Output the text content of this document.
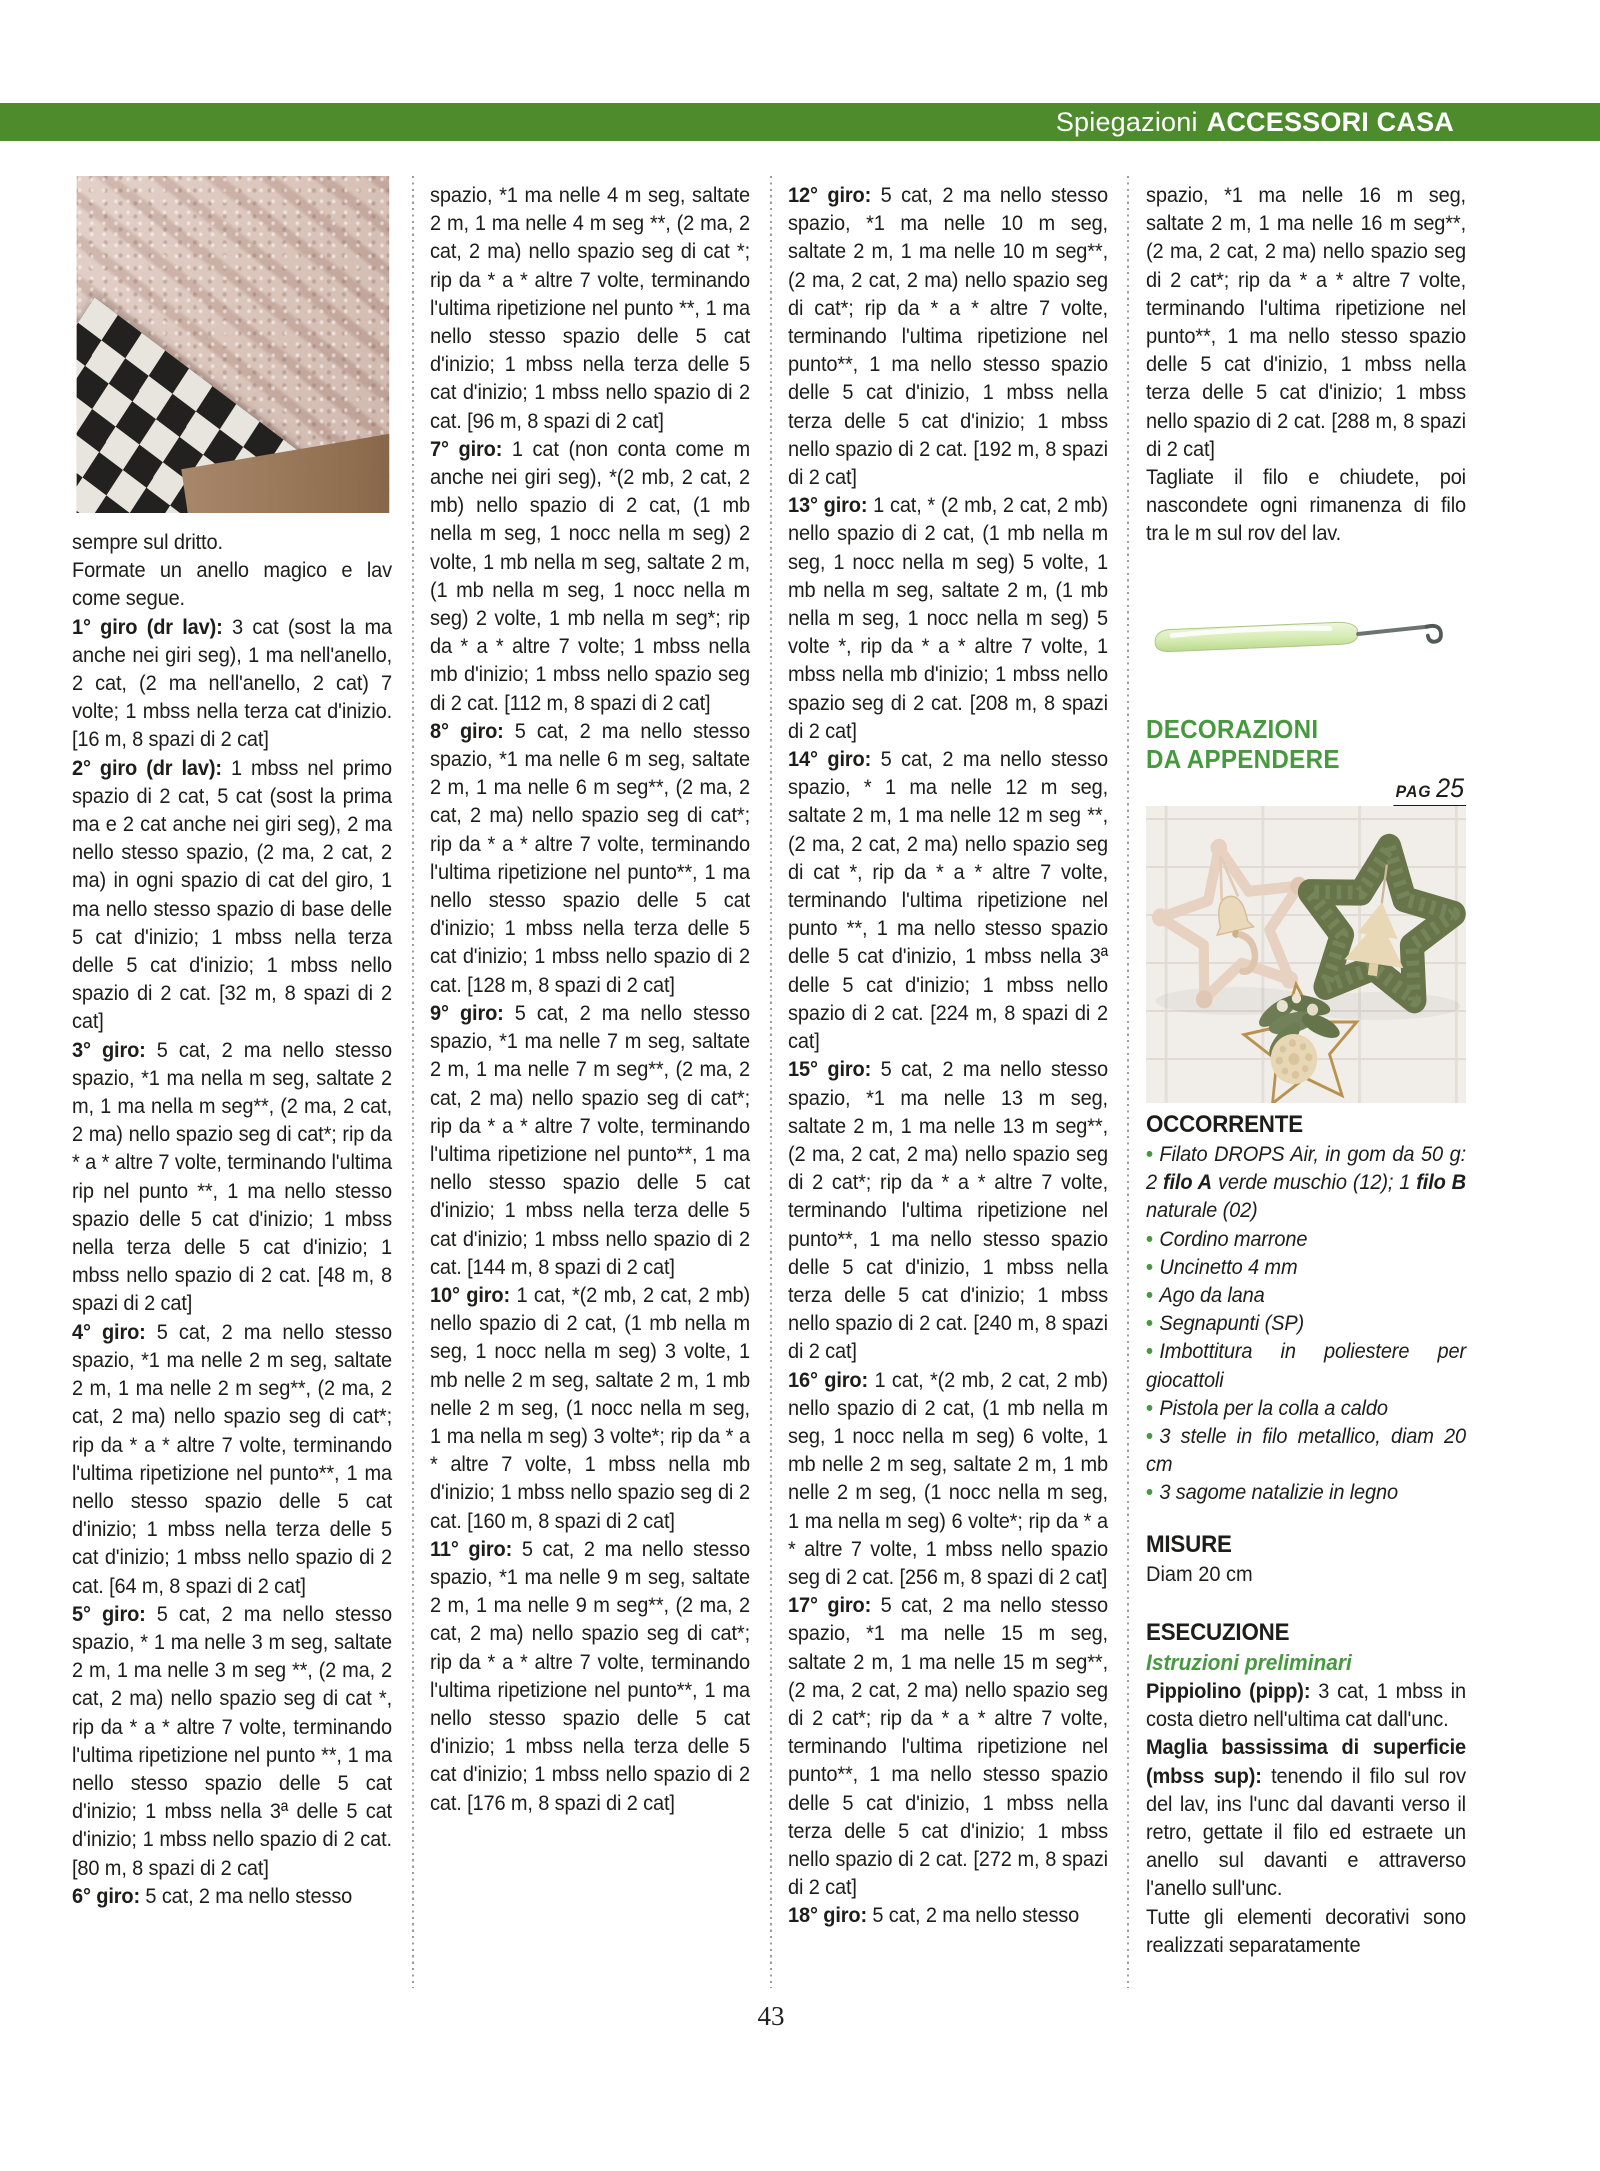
Spiegazioni ACCESSORI CASA

sempre sul dritto.

Formate un anello magico e lav come segue.

1° giro (dr lav): 3 cat (sost la ma anche nei giri seg), 1 ma nell'anello, 2 cat, (2 ma nell'anello, 2 cat) 7 volte; 1 mbss nella terza cat d'inizio. [16 m, 8 spazi di 2 cat]

2° giro (dr lav): 1 mbss nel primo spazio di 2 cat, 5 cat (sost la prima ma e 2 cat anche nei giri seg), 2 ma nello stesso spazio, (2 ma, 2 cat, 2 ma) in ogni spazio di cat del giro, 1 ma nello stesso spazio di base delle 5 cat d'inizio; 1 mbss nella terza delle 5 cat d'inizio; 1 mbss nello spazio di 2 cat. [32 m, 8 spazi di 2 cat]

3° giro: 5 cat, 2 ma nello stesso spazio, *1 ma nella m seg, saltate 2 m, 1 ma nella m seg**, (2 ma, 2 cat, 2 ma) nello spazio seg di cat*; rip da * a * altre 7 volte, terminando l'ultima rip nel punto **, 1 ma nello stesso spazio delle 5 cat d'inizio; 1 mbss nella terza delle 5 cat d'inizio; 1 mbss nello spazio di 2 cat. [48 m, 8 spazi di 2 cat]

4° giro: 5 cat, 2 ma nello stesso spazio, *1 ma nelle 2 m seg, saltate 2 m, 1 ma nelle 2 m seg**, (2 ma, 2 cat, 2 ma) nello spazio seg di cat*; rip da * a * altre 7 volte, terminando l'ultima ripetizione nel punto**, 1 ma nello stesso spazio delle 5 cat d'inizio; 1 mbss nella terza delle 5 cat d'inizio; 1 mbss nello spazio di 2 cat. [64 m, 8 spazi di 2 cat]

5° giro: 5 cat, 2 ma nello stesso spazio, * 1 ma nelle 3 m seg, saltate 2 m, 1 ma nelle 3 m seg **, (2 ma, 2 cat, 2 ma) nello spazio seg di cat *, rip da * a * altre 7 volte, terminando l'ultima ripetizione nel punto **, 1 ma nello stesso spazio delle 5 cat d'inizio; 1 mbss nella 3ª delle 5 cat d'inizio; 1 mbss nello spazio di 2 cat. [80 m, 8 spazi di 2 cat]

6° giro: 5 cat, 2 ma nello stesso

spazio, *1 ma nelle 4 m seg, saltate 2 m, 1 ma nelle 4 m seg **, (2 ma, 2 cat, 2 ma) nello spazio seg di cat *; rip da * a * altre 7 volte, terminando l'ultima ripetizione nel punto **, 1 ma nello stesso spazio delle 5 cat d'inizio; 1 mbss nella terza delle 5 cat d'inizio; 1 mbss nello spazio di 2 cat. [96 m, 8 spazi di 2 cat]

7° giro: 1 cat (non conta come m anche nei giri seg), *(2 mb, 2 cat, 2 mb) nello spazio di 2 cat, (1 mb nella m seg, 1 nocc nella m seg) 2 volte, 1 mb nella m seg, saltate 2 m, (1 mb nella m seg, 1 nocc nella m seg) 2 volte, 1 mb nella m seg*; rip da * a * altre 7 volte; 1 mbss nella mb d'inizio; 1 mbss nello spazio seg di 2 cat. [112 m, 8 spazi di 2 cat]

8° giro: 5 cat, 2 ma nello stesso spazio, *1 ma nelle 6 m seg, saltate 2 m, 1 ma nelle 6 m seg**, (2 ma, 2 cat, 2 ma) nello spazio seg di cat*; rip da * a * altre 7 volte, terminando l'ultima ripetizione nel punto**, 1 ma nello stesso spazio delle 5 cat d'inizio; 1 mbss nella terza delle 5 cat d'inizio; 1 mbss nello spazio di 2 cat. [128 m, 8 spazi di 2 cat]

9° giro: 5 cat, 2 ma nello stesso spazio, *1 ma nelle 7 m seg, saltate 2 m, 1 ma nelle 7 m seg**, (2 ma, 2 cat, 2 ma) nello spazio seg di cat*; rip da * a * altre 7 volte, terminando l'ultima ripetizione nel punto**, 1 ma nello stesso spazio delle 5 cat d'inizio; 1 mbss nella terza delle 5 cat d'inizio; 1 mbss nello spazio di 2 cat. [144 m, 8 spazi di 2 cat]

10° giro: 1 cat, *(2 mb, 2 cat, 2 mb) nello spazio di 2 cat, (1 mb nella m seg, 1 nocc nella m seg) 3 volte, 1 mb nelle 2 m seg, saltate 2 m, 1 mb nelle 2 m seg, (1 nocc nella m seg, 1 ma nella m seg) 3 volte*; rip da * a * altre 7 volte, 1 mbss nella mb d'inizio; 1 mbss nello spazio seg di 2 cat. [160 m, 8 spazi di 2 cat]

11° giro: 5 cat, 2 ma nello stesso spazio, *1 ma nelle 9 m seg, saltate 2 m, 1 ma nelle 9 m seg**, (2 ma, 2 cat, 2 ma) nello spazio seg di cat*; rip da * a * altre 7 volte, terminando l'ultima ripetizione nel punto**, 1 ma nello stesso spazio delle 5 cat d'inizio; 1 mbss nella terza delle 5 cat d'inizio; 1 mbss nello spazio di 2 cat. [176 m, 8 spazi di 2 cat]

12° giro: 5 cat, 2 ma nello stesso spazio, *1 ma nelle 10 m seg, saltate 2 m, 1 ma nelle 10 m seg**, (2 ma, 2 cat, 2 ma) nello spazio seg di cat*; rip da * a * altre 7 volte, terminando l'ultima ripetizione nel punto**, 1 ma nello stesso spazio delle 5 cat d'inizio, 1 mbss nella terza delle 5 cat d'inizio; 1 mbss nello spazio di 2 cat. [192 m, 8 spazi di 2 cat]

13° giro: 1 cat, * (2 mb, 2 cat, 2 mb) nello spazio di 2 cat, (1 mb nella m seg, 1 nocc nella m seg) 5 volte, 1 mb nella m seg, saltate 2 m, (1 mb nella m seg, 1 nocc nella m seg) 5 volte *, rip da * a * altre 7 volte, 1 mbss nella mb d'inizio; 1 mbss nello spazio seg di 2 cat. [208 m, 8 spazi di 2 cat]

14° giro: 5 cat, 2 ma nello stesso spazio, * 1 ma nelle 12 m seg, saltate 2 m, 1 ma nelle 12 m seg **, (2 ma, 2 cat, 2 ma) nello spazio seg di cat *, rip da * a * altre 7 volte, terminando l'ultima ripetizione nel punto **, 1 ma nello stesso spazio delle 5 cat d'inizio, 1 mbss nella 3ª delle 5 cat d'inizio; 1 mbss nello spazio di 2 cat. [224 m, 8 spazi di 2 cat]

15° giro: 5 cat, 2 ma nello stesso spazio, *1 ma nelle 13 m seg, saltate 2 m, 1 ma nelle 13 m seg**, (2 ma, 2 cat, 2 ma) nello spazio seg di 2 cat*; rip da * a * altre 7 volte, terminando l'ultima ripetizione nel punto**, 1 ma nello stesso spazio delle 5 cat d'inizio, 1 mbss nella terza delle 5 cat d'inizio; 1 mbss nello spazio di 2 cat. [240 m, 8 spazi di 2 cat]

16° giro: 1 cat, *(2 mb, 2 cat, 2 mb) nello spazio di 2 cat, (1 mb nella m seg, 1 nocc nella m seg) 6 volte, 1 mb nelle 2 m seg, saltate 2 m, 1 mb nelle 2 m seg, (1 nocc nella m seg, 1 ma nella m seg) 6 volte*; rip da * a * altre 7 volte, 1 mbss nello spazio seg di 2 cat. [256 m, 8 spazi di 2 cat]

17° giro: 5 cat, 2 ma nello stesso spazio, *1 ma nelle 15 m seg, saltate 2 m, 1 ma nelle 15 m seg**, (2 ma, 2 cat, 2 ma) nello spazio seg di 2 cat*; rip da * a * altre 7 volte, terminando l'ultima ripetizione nel punto**, 1 ma nello stesso spazio delle 5 cat d'inizio, 1 mbss nella terza delle 5 cat d'inizio; 1 mbss nello spazio di 2 cat. [272 m, 8 spazi di 2 cat]

18° giro: 5 cat, 2 ma nello stesso

spazio, *1 ma nelle 16 m seg, saltate 2 m, 1 ma nelle 16 m seg**, (2 ma, 2 cat, 2 ma) nello spazio seg di 2 cat*; rip da * a * altre 7 volte, terminando l'ultima ripetizione nel punto**, 1 ma nello stesso spazio delle 5 cat d'inizio, 1 mbss nella terza delle 5 cat d'inizio; 1 mbss nello spazio di 2 cat. [288 m, 8 spazi di 2 cat]

Tagliate il filo e chiudete, poi nascondete ogni rimanenza di filo tra le m sul rov del lav.

DECORAZIONI
DA APPENDERE
PAG 25
OCCORRENTE
• Filato DROPS Air, in gom da 50 g: 2 filo A verde muschio (12); 1 filo B naturale (02)
• Cordino marrone
• Uncinetto 4 mm
• Ago da lana
• Segnapunti (SP)
• Imbottitura in poliestere per giocattoli
• Pistola per la colla a caldo
• 3 stelle in filo metallico, diam 20 cm
• 3 sagome natalizie in legno
MISURE

Diam 20 cm

ESECUZIONE

Istruzioni preliminari

Pippiolino (pipp): 3 cat, 1 mbss in costa dietro nell'ultima cat dall'unc.

Maglia bassissima di superficie (mbss sup): tenendo il filo sul rov del lav, ins l'unc dal davanti verso il retro, gettate il filo ed estraete un anello sul davanti e attraverso l'anello sull'unc.

Tutte gli elementi decorativi sono realizzati separatamente

43
